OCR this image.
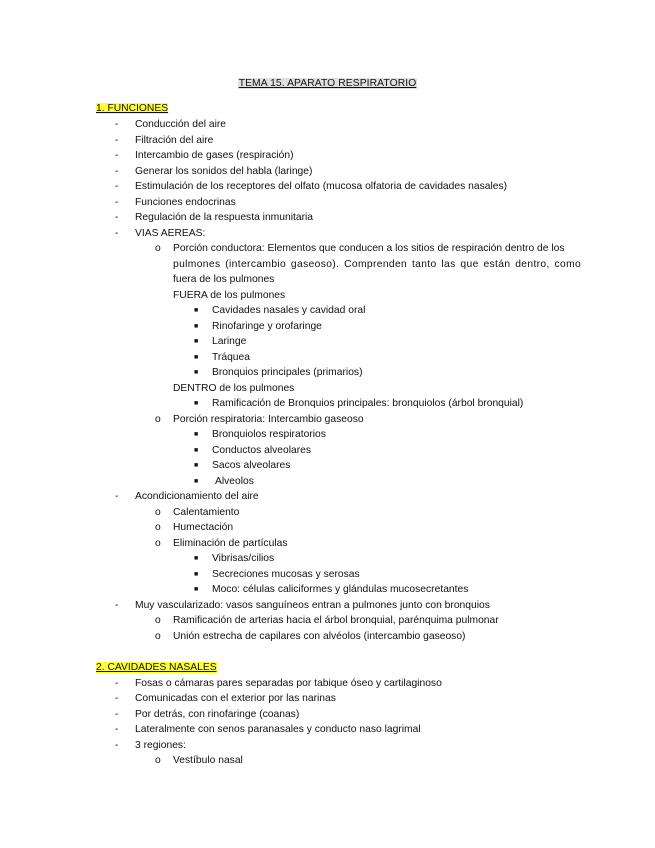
TEMA 15. APARATO RESPIRATORIO
1. FUNCIONES
- Conducción del aire
- Filtración del aire
- Intercambio de gases (respiración)
- Generar los sonidos del habla (laringe)
- Estimulación de los receptores del olfato (mucosa olfatoria de cavidades nasales)
- Funciones endocrinas
- Regulación de la respuesta inmunitaria
- VIAS AEREAS:
o Porción conductora: Elementos que conducen a los sitios de respiración dentro de los
pulmones (intercambio gaseoso). Comprenden tanto las que están dentro, como
fuera de los pulmones
FUERA de los pulmones
■ Cavidades nasales y cavidad oral
■ Rinofaringe y orofaringe
■ Laringe
■ Tráquea
■ Bronquios principales (primarios)
DENTRO de los pulmones
■ Ramificación de Bronquios principales: bronquiolos (árbol bronquial)
o Porción respiratoria: Intercambio gaseoso
■ Bronquiolos respiratorios
■ Conductos alveolares
■ Sacos alveolares
■ Alveolos
- Acondicionamiento del aire
o Calentamiento
o Humectación
o Eliminación de partículas
■ Vibrisas/cilios
■ Secreciones mucosas y serosas
■ Moco: células caliciformes y glándulas mucosecretantes
- Muy vascularizado: vasos sanguíneos entran a pulmones junto con bronquios
o Ramificación de arterias hacia el árbol bronquial, parénquima pulmonar
o Unión estrecha de capilares con alvéolos (intercambio gaseoso)
2. CAVIDADES NASALES
- Fosas o cámaras pares separadas por tabique óseo y cartilaginoso
- Comunicadas con el exterior por las narinas
- Por detrás, con rinofaringe (coanas)
- Lateralmente con senos paranasales y conducto naso lagrimal
- 3 regiones:
o Vestíbulo nasal
